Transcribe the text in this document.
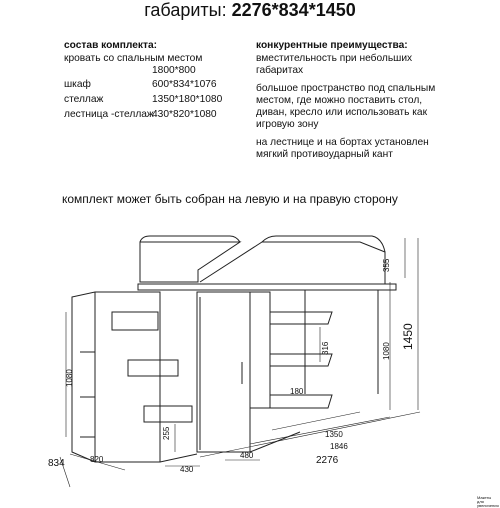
габариты: 2276*834*1450
состав комплекта:
кровать со спальным местом
1800*800
шкаф	600*834*1076
стеллаж	1350*180*1080
лестница -стеллаж
430*820*1080
конкурентные преимущества:

вместительность при небольших габаритах

большое пространство под спальным местом, где можно поставить стол, диван, кресло или использовать как игровую зону

на лестнице и на бортах установлен мягкий противоударный кант

комплект может быть собран на левую и на правую сторону
355
1080
1450
1080
316
180
255	1350
1846
2276
820
430
480
834
Макеты для увеличения
